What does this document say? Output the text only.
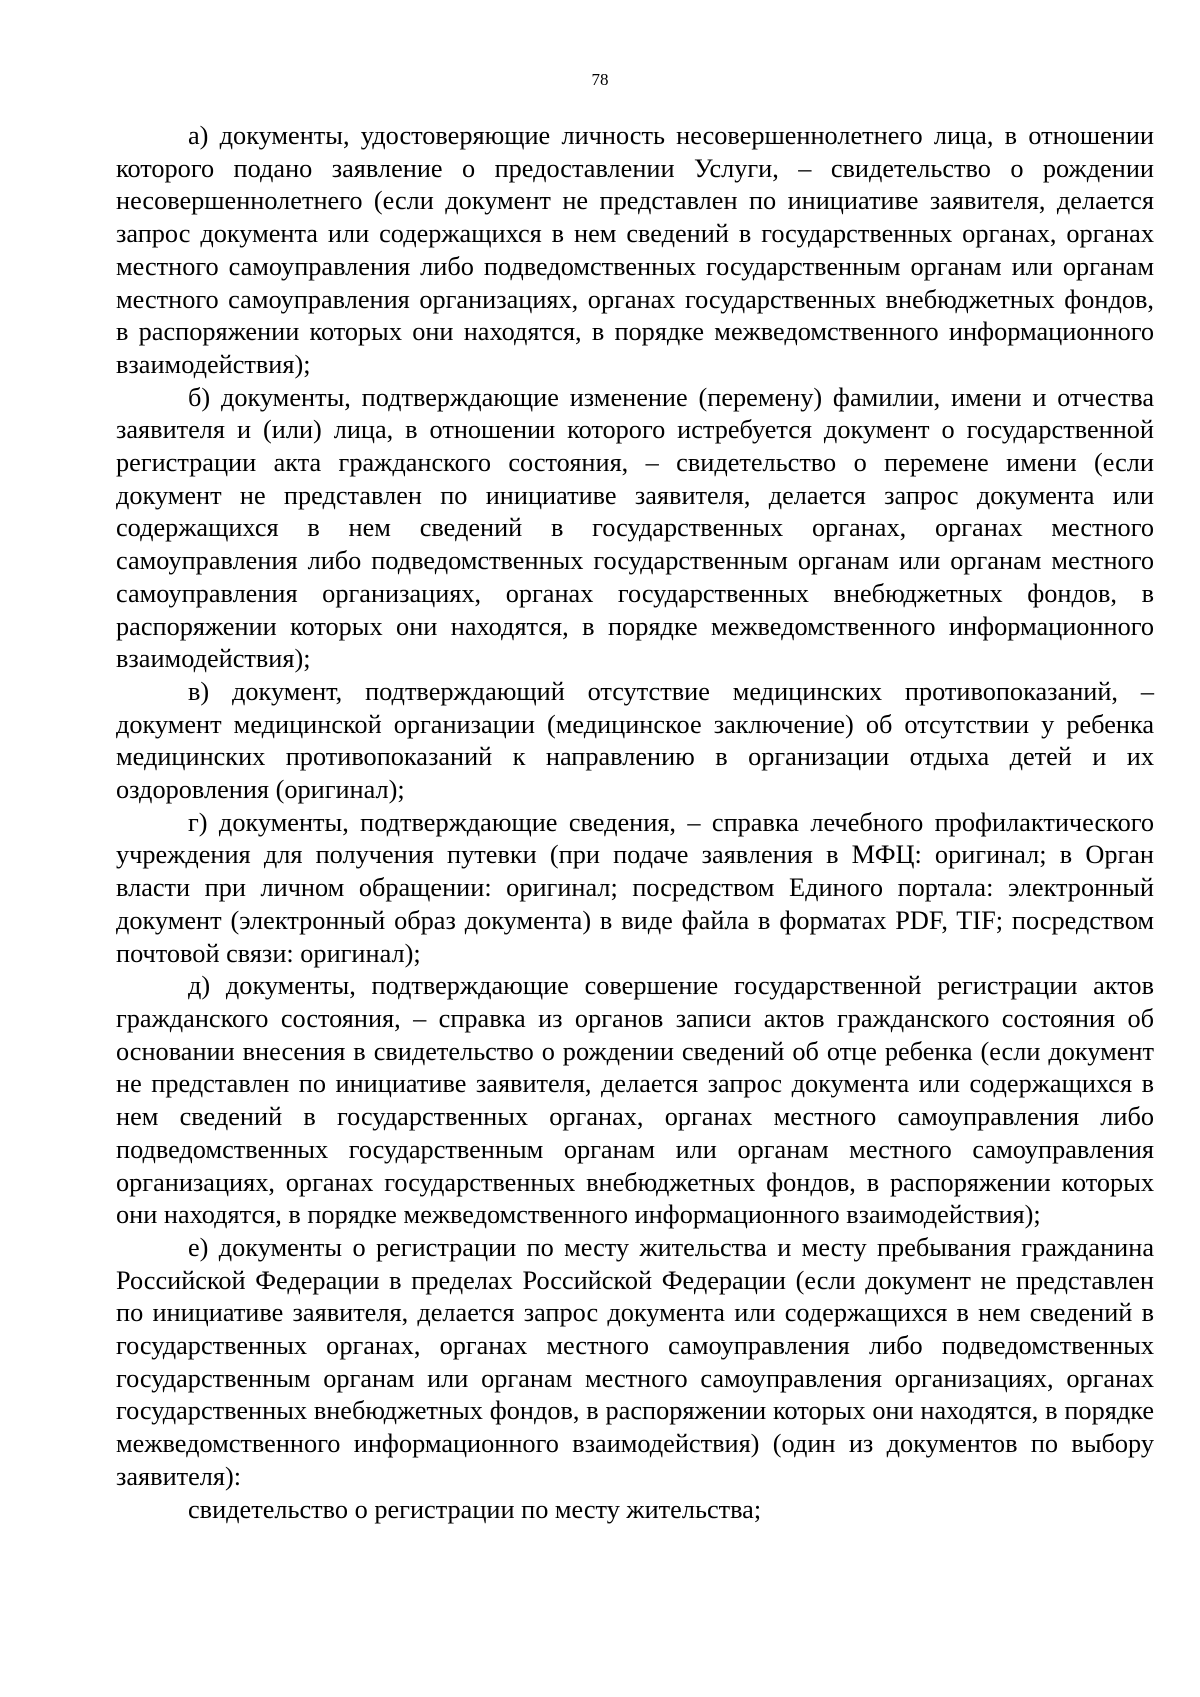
78

а) документы, удостоверяющие личность несовершеннолетнего лица, в отношении которого подано заявление о предоставлении Услуги, – свидетельство о рождении несовершеннолетнего (если документ не представлен по инициативе заявителя, делается запрос документа или содержащихся в нем сведений в государственных органах, органах местного самоуправления либо подведомственных государственным органам или органам местного самоуправления организациях, органах государственных внебюджетных фондов, в распоряжении которых они находятся, в порядке межведомственного информационного взаимодействия);

б) документы, подтверждающие изменение (перемену) фамилии, имени и отчества заявителя и (или) лица, в отношении которого истребуется документ о государственной регистрации акта гражданского состояния, – свидетельство о перемене имени (если документ не представлен по инициативе заявителя, делается запрос документа или содержащихся в нем сведений в государственных органах, органах местного самоуправления либо подведомственных государственным органам или органам местного самоуправления организациях, органах государственных внебюджетных фондов, в распоряжении которых они находятся, в порядке межведомственного информационного взаимодействия);

в) документ, подтверждающий отсутствие медицинских противопоказаний, – документ медицинской организации (медицинское заключение) об отсутствии у ребенка медицинских противопоказаний к направлению в организации отдыха детей и их оздоровления (оригинал);

г) документы, подтверждающие сведения, – справка лечебного профилактического учреждения для получения путевки (при подаче заявления в МФЦ: оригинал; в Орган власти при личном обращении: оригинал; посредством Единого портала: электронный документ (электронный образ документа) в виде файла в форматах PDF, TIF; посредством почтовой связи: оригинал);

д) документы, подтверждающие совершение государственной регистрации актов гражданского состояния, – справка из органов записи актов гражданского состояния об основании внесения в свидетельство о рождении сведений об отце ребенка (если документ не представлен по инициативе заявителя, делается запрос документа или содержащихся в нем сведений в государственных органах, органах местного самоуправления либо подведомственных государственным органам или органам местного самоуправления организациях, органах государственных внебюджетных фондов, в распоряжении которых они находятся, в порядке межведомственного информационного взаимодействия);

е) документы о регистрации по месту жительства и месту пребывания гражданина Российской Федерации в пределах Российской Федерации (если документ не представлен по инициативе заявителя, делается запрос документа или содержащихся в нем сведений в государственных органах, органах местного самоуправления либо подведомственных государственным органам или органам местного самоуправления организациях, органах государственных внебюджетных фондов, в распоряжении которых они находятся, в порядке межведомственного информационного взаимодействия) (один из документов по выбору заявителя):

свидетельство о регистрации по месту жительства;
